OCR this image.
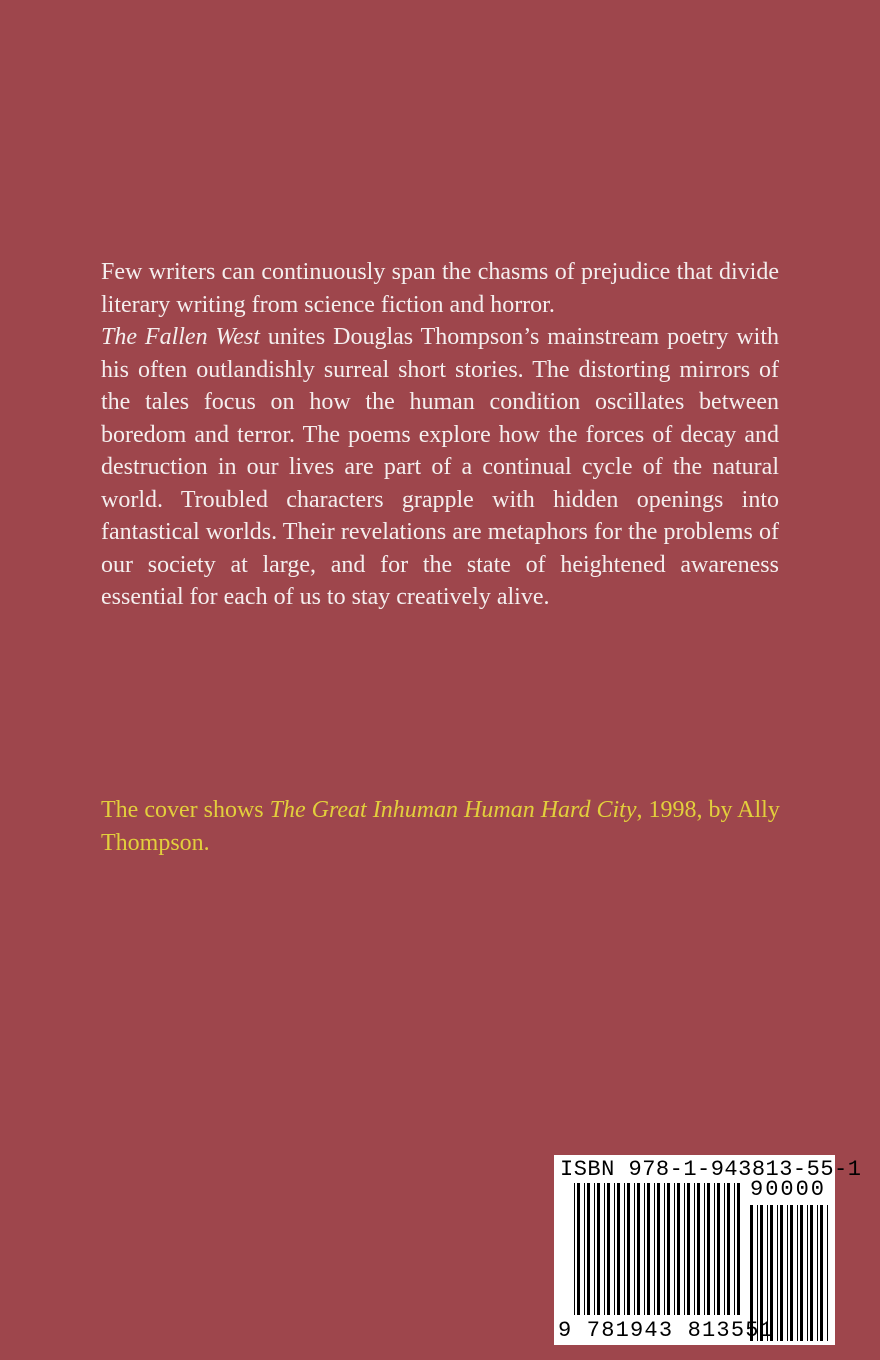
Few writers can continuously span the chasms of prejudice that divide literary writing from science fiction and horror.
The Fallen West unites Douglas Thompson’s mainstream poetry with his often outlandishly surreal short stories. The distorting mirrors of the tales focus on how the human condition oscillates between boredom and terror. The poems explore how the forces of decay and destruction in our lives are part of a continual cycle of the natural world. Troubled characters grapple with hidden openings into fantastical worlds. Their revelations are metaphors for the problems of our society at large, and for the state of heightened awareness essential for each of us to stay creatively alive.

The cover shows The Great Inhuman Human Hard City, 1998, by Ally Thompson.

ISBN 978-1-943813-55-1
90000
9 781943 813551
